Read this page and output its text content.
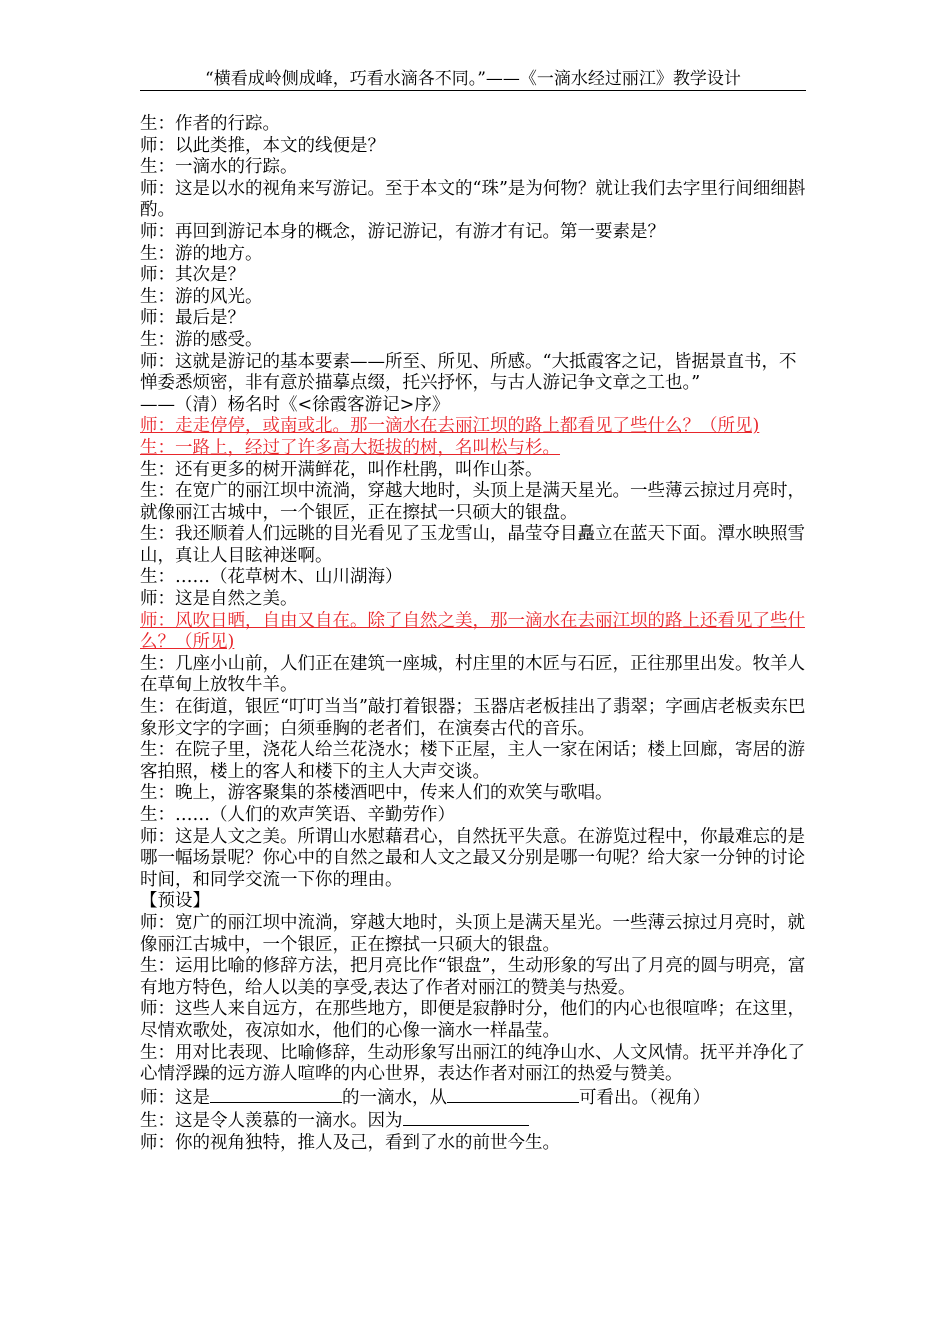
“横看成岭侧成峰，巧看水滴各不同。”——《一滴水经过丽江》教学设计

生：作者的行踪。

师：以此类推，本文的线便是？

生：一滴水的行踪。

师：这是以水的视角来写游记。至于本文的“珠”是为何物？就让我们去字里行间细细斟酌。

师：再回到游记本身的概念，游记游记，有游才有记。第一要素是？

生：游的地方。

师：其次是？

生：游的风光。

师：最后是？

生：游的感受。

师：这就是游记的基本要素——所至、所见、所感。“大抵霞客之记，皆据景直书，不惮委悉烦密，非有意於描摹点缀，托兴抒怀，与古人游记争文章之工也。”

——（清）杨名时《<徐霞客游记>序》

师：走走停停，或南或北。那一滴水在去丽江坝的路上都看见了些什么？（所见)

生：一路上，经过了许多高大挺拔的树，名叫松与杉。

生：还有更多的树开满鲜花，叫作杜鹃，叫作山茶。

生：在宽广的丽江坝中流淌，穿越大地时，头顶上是满天星光。一些薄云掠过月亮时，就像丽江古城中，一个银匠，正在擦拭一只硕大的银盘。

生：我还顺着人们远眺的目光看见了玉龙雪山，晶莹夺目矗立在蓝天下面。潭水映照雪山，真让人目眩神迷啊。

生：……（花草树木、山川湖海）

师：这是自然之美。

师：风吹日晒，自由又自在。除了自然之美，那一滴水在去丽江坝的路上还看见了些什么？（所见)

生：几座小山前，人们正在建筑一座城，村庄里的木匠与石匠，正往那里出发。牧羊人在草甸上放牧牛羊。

生：在街道，银匠“叮叮当当”敲打着银器；玉器店老板挂出了翡翠；字画店老板卖东巴象形文字的字画；白须垂胸的老者们，在演奏古代的音乐。

生：在院子里，浇花人给兰花浇水；楼下正屋，主人一家在闲话；楼上回廊，寄居的游客拍照，楼上的客人和楼下的主人大声交谈。

生：晚上，游客聚集的茶楼酒吧中，传来人们的欢笑与歌唱。

生：……（人们的欢声笑语、辛勤劳作）

师：这是人文之美。所谓山水慰藉君心，自然抚平失意。在游览过程中，你最难忘的是哪一幅场景呢？你心中的自然之最和人文之最又分别是哪一句呢？给大家一分钟的讨论时间，和同学交流一下你的理由。

【预设】

师：宽广的丽江坝中流淌，穿越大地时，头顶上是满天星光。一些薄云掠过月亮时，就像丽江古城中，一个银匠，正在擦拭一只硕大的银盘。

生：运用比喻的修辞方法，把月亮比作“银盘”，生动形象的写出了月亮的圆与明亮，富有地方特色，给人以美的享受,表达了作者对丽江的赞美与热爱。

师：这些人来自远方，在那些地方，即便是寂静时分，他们的内心也很喧哗；在这里，尽情欢歌处，夜凉如水，他们的心像一滴水一样晶莹。

生：用对比表现、比喻修辞，生动形象写出丽江的纯净山水、人文风情。抚平并净化了心情浮躁的远方游人喧哗的内心世界，表达作者对丽江的热爱与赞美。

师：这是	的一滴水，从	可看出。（视角）

生：这是令人羡慕的一滴水。因为

师：你的视角独特，推人及己，看到了水的前世今生。
